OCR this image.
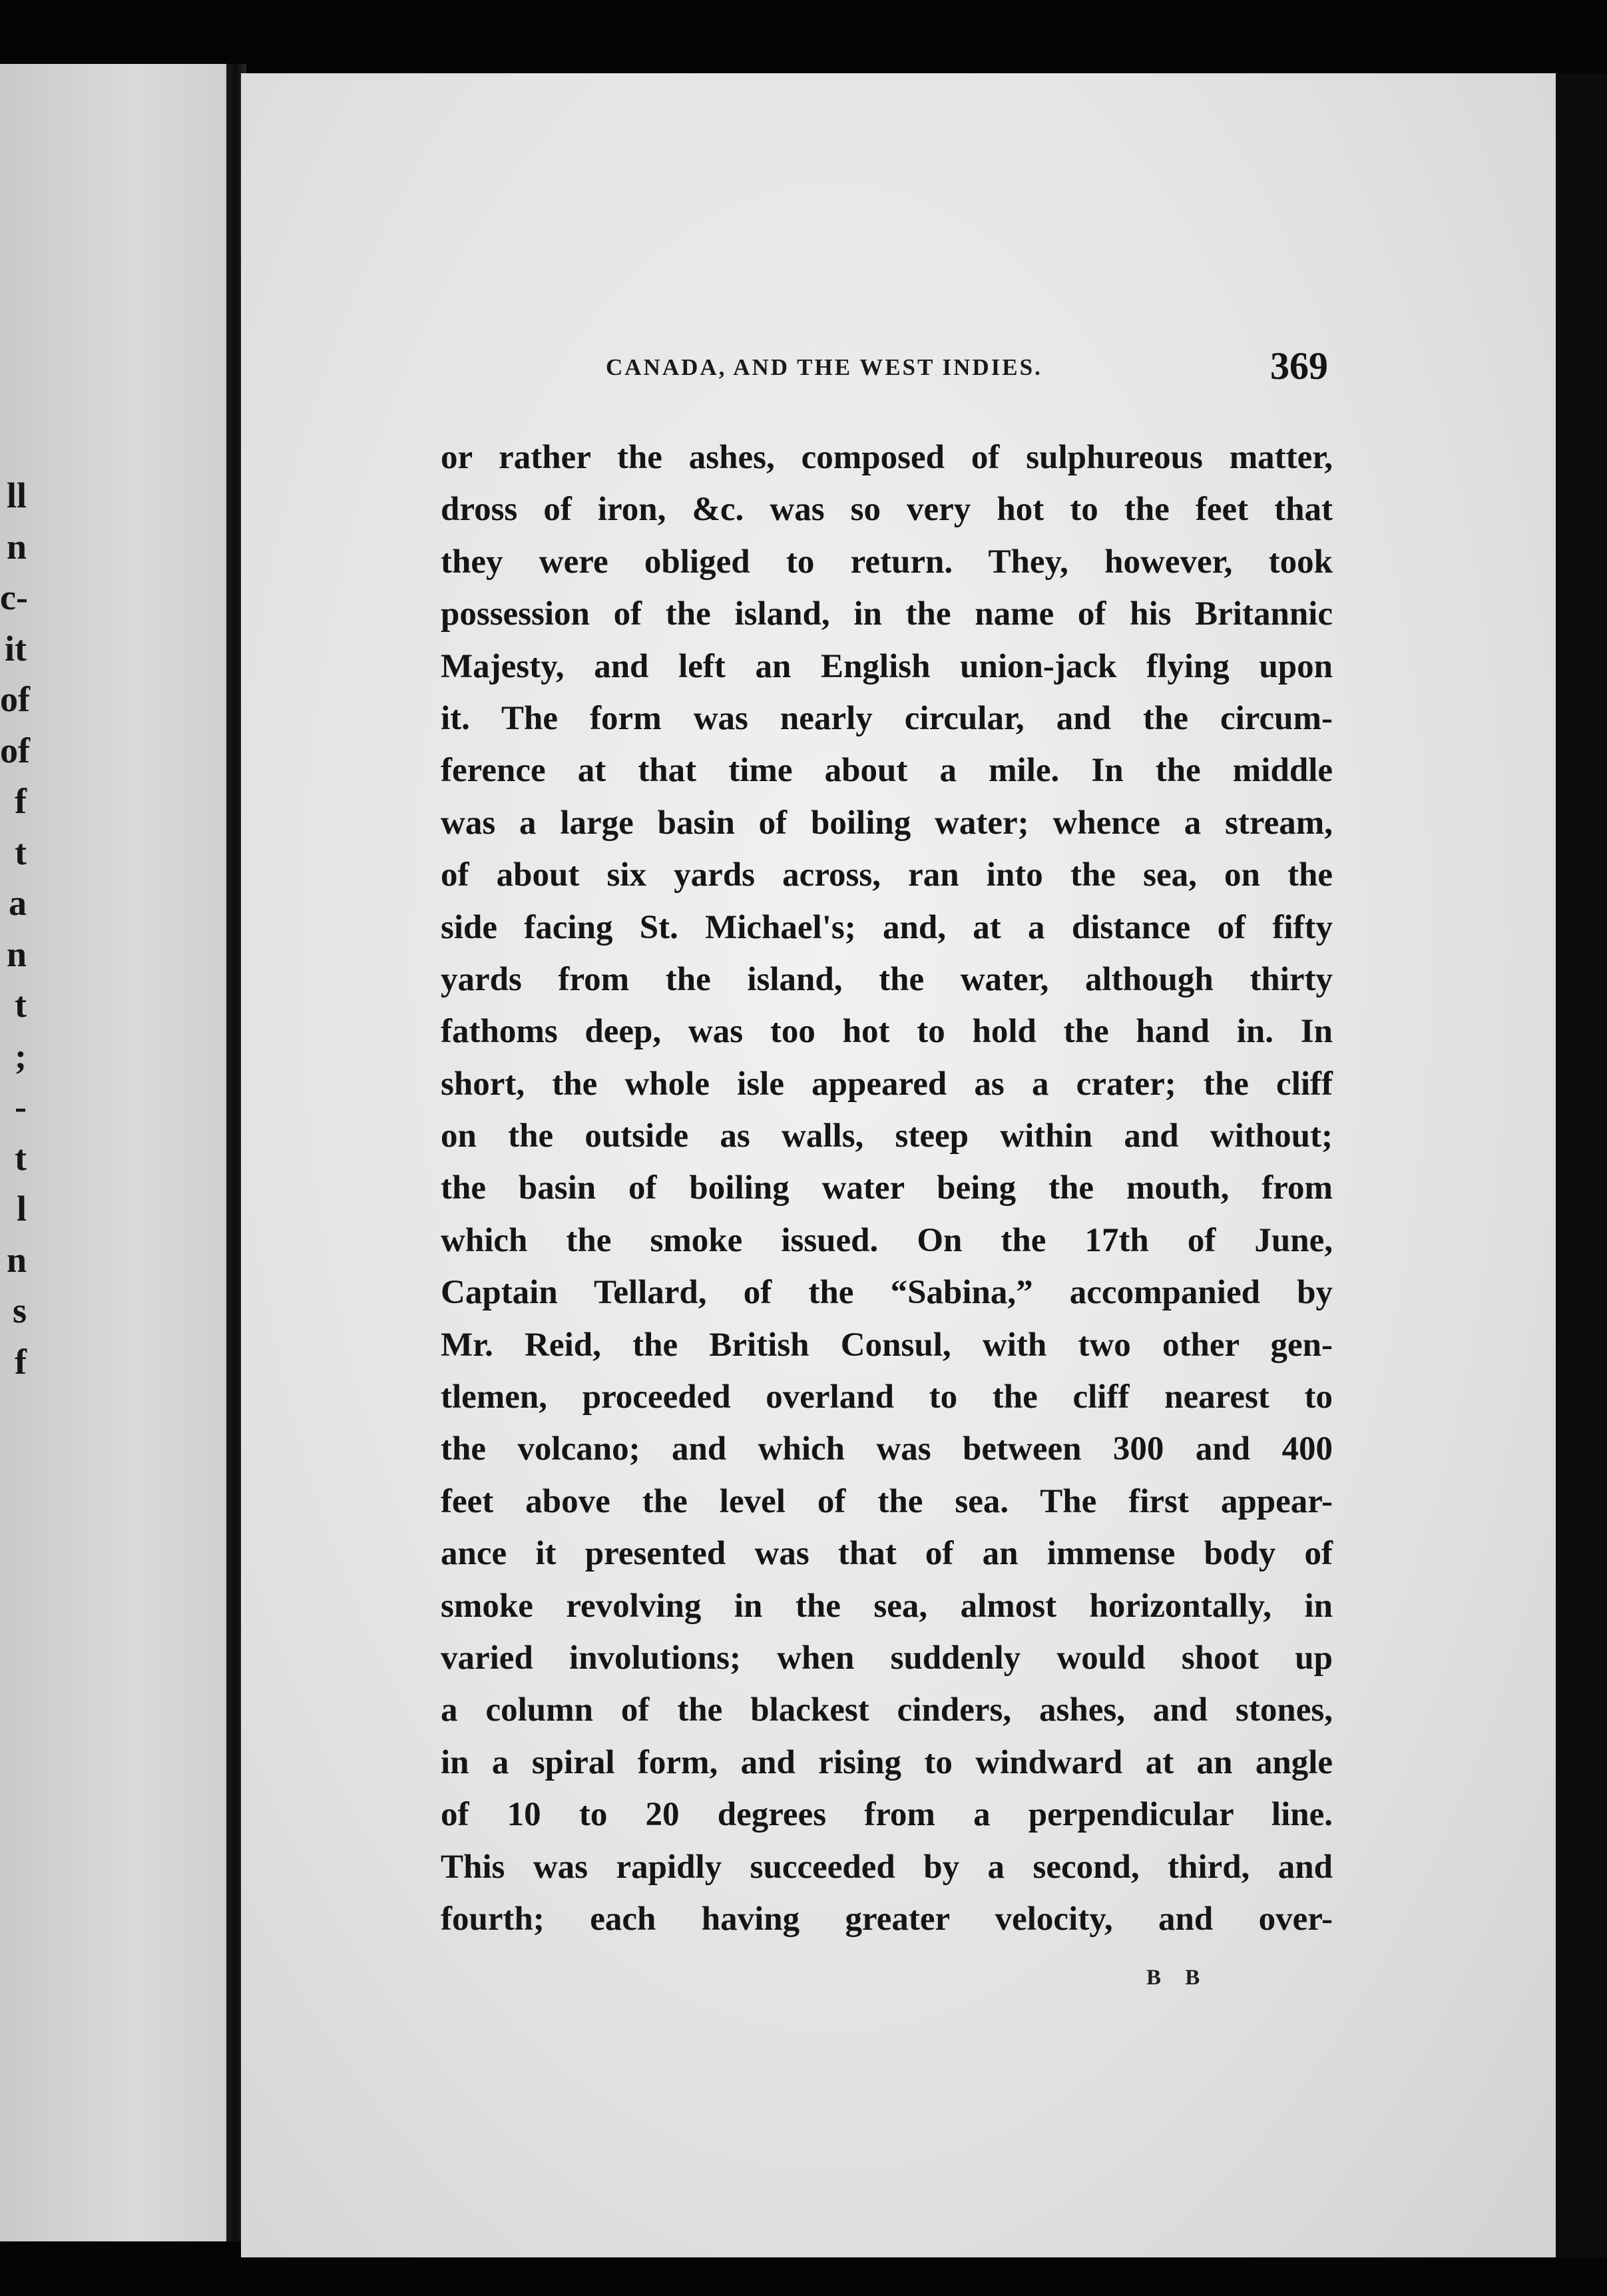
ll
n
c-
it
of
of
f
t
a
n
t
;
-
t
l
n
s
f
CANADA, AND THE WEST INDIES.	369
or rather the ashes, composed of sulphureous matter,
dross of iron, &c. was so very hot to the feet that
they were obliged to return. They, however, took
possession of the island, in the name of his Britannic
Majesty, and left an English union-jack flying upon
it. The form was nearly circular, and the circum-
ference at that time about a mile. In the middle
was a large basin of boiling water; whence a stream,
of about six yards across, ran into the sea, on the
side facing St. Michael's; and, at a distance of fifty
yards from the island, the water, although thirty
fathoms deep, was too hot to hold the hand in. In
short, the whole isle appeared as a crater; the cliff
on the outside as walls, steep within and without;
the basin of boiling water being the mouth, from
which the smoke issued. On the 17th of June,
Captain Tellard, of the “Sabina,” accompanied by
Mr. Reid, the British Consul, with two other gen-
tlemen, proceeded overland to the cliff nearest to
the volcano; and which was between 300 and 400
feet above the level of the sea. The first appear-
ance it presented was that of an immense body of
smoke revolving in the sea, almost horizontally, in
varied involutions; when suddenly would shoot up
a column of the blackest cinders, ashes, and stones,
in a spiral form, and rising to windward at an angle
of 10 to 20 degrees from a perpendicular line.
This was rapidly succeeded by a second, third, and
fourth; each having greater velocity, and over-
B B
